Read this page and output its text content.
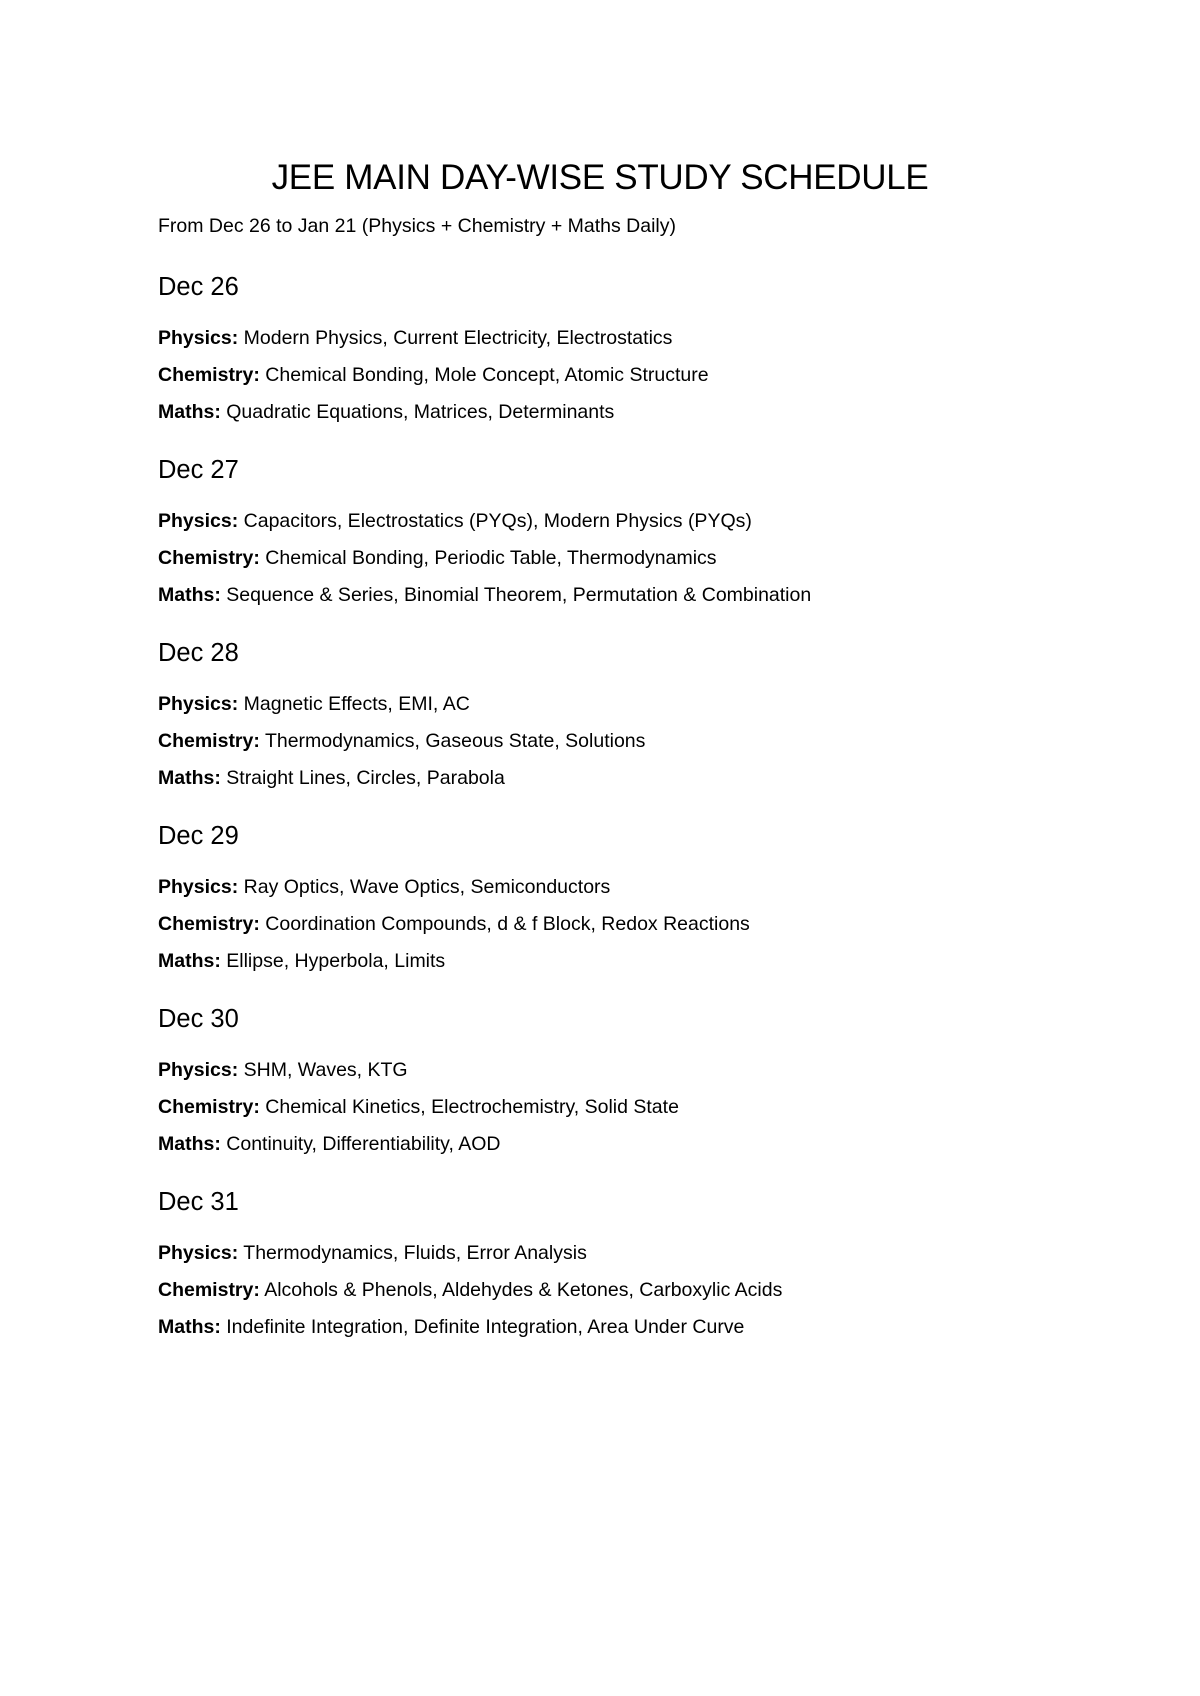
JEE MAIN DAY-WISE STUDY SCHEDULE
From Dec 26 to Jan 21 (Physics + Chemistry + Maths Daily)
Dec 26
Physics: Modern Physics, Current Electricity, Electrostatics
Chemistry: Chemical Bonding, Mole Concept, Atomic Structure
Maths: Quadratic Equations, Matrices, Determinants
Dec 27
Physics: Capacitors, Electrostatics (PYQs), Modern Physics (PYQs)
Chemistry: Chemical Bonding, Periodic Table, Thermodynamics
Maths: Sequence & Series, Binomial Theorem, Permutation & Combination
Dec 28
Physics: Magnetic Effects, EMI, AC
Chemistry: Thermodynamics, Gaseous State, Solutions
Maths: Straight Lines, Circles, Parabola
Dec 29
Physics: Ray Optics, Wave Optics, Semiconductors
Chemistry: Coordination Compounds, d & f Block, Redox Reactions
Maths: Ellipse, Hyperbola, Limits
Dec 30
Physics: SHM, Waves, KTG
Chemistry: Chemical Kinetics, Electrochemistry, Solid State
Maths: Continuity, Differentiability, AOD
Dec 31
Physics: Thermodynamics, Fluids, Error Analysis
Chemistry: Alcohols & Phenols, Aldehydes & Ketones, Carboxylic Acids
Maths: Indefinite Integration, Definite Integration, Area Under Curve
